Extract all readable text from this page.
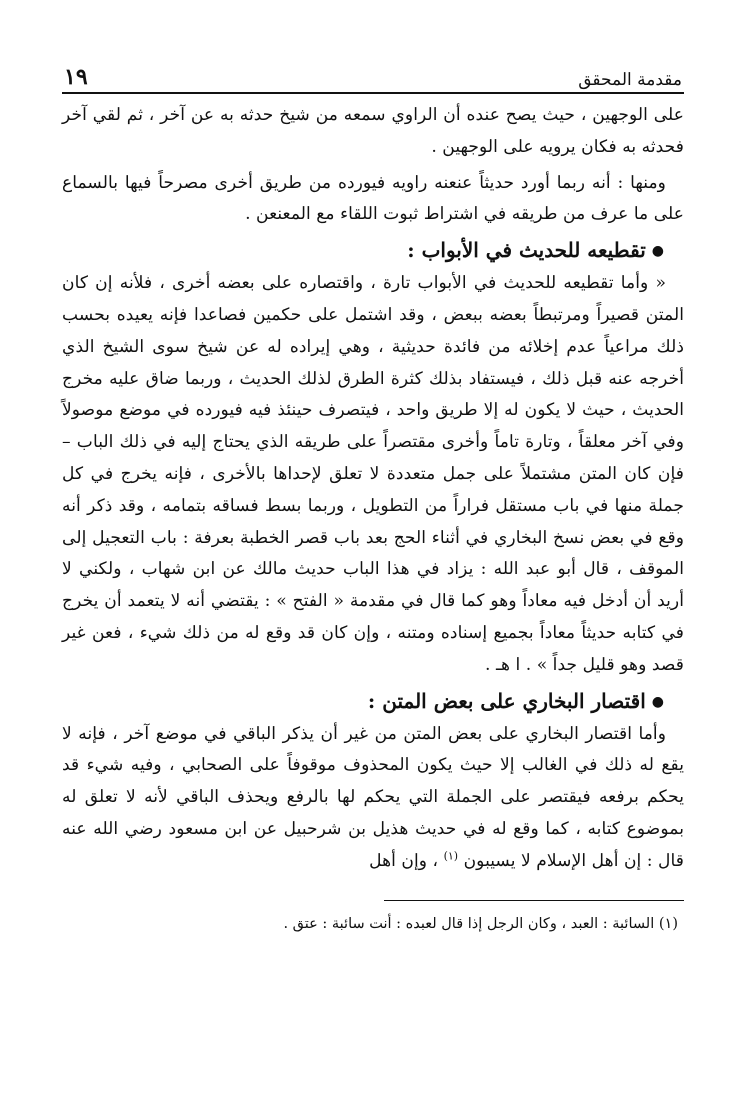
مقدمة المحقق
١٩

على الوجهين ، حيث يصح عنده أن الراوي سمعه من شيخ حدثه به عن آخر ، ثم لقي آخر فحدثه به فكان يرويه على الوجهين .

ومنها : أنه ربما أورد حديثاً عنعنه راويه فيورده من طريق أخرى مصرحاً فيها بالسماع على ما عرف من طريقه في اشتراط ثبوت اللقاء مع المعنعن .

●تقطيعه للحديث في الأبواب :

« وأما تقطيعه للحديث في الأبواب تارة ، واقتصاره على بعضه أخرى ، فلأنه إن كان المتن قصيراً ومرتبطاً بعضه ببعض ، وقد اشتمل على حكمين فصاعدا فإنه يعيده بحسب ذلك مراعياً عدم إخلائه من فائدة حديثية ، وهي إيراده له عن شيخ سوى الشيخ الذي أخرجه عنه قبل ذلك ، فيستفاد بذلك كثرة الطرق لذلك الحديث ، وربما ضاق عليه مخرج الحديث ، حيث لا يكون له إلا طريق واحد ، فيتصرف حينئذ فيه فيورده في موضع موصولاً وفي آخر معلقاً ، وتارة تاماً وأخرى مقتصراً على طريقه الذي يحتاج إليه في ذلك الباب – فإن كان المتن مشتملاً على جمل متعددة لا تعلق لإحداها بالأخرى ، فإنه يخرج في كل جملة منها في باب مستقل فراراً من التطويل ، وربما بسط فساقه بتمامه ، وقد ذكر أنه وقع في بعض نسخ البخاري في أثناء الحج بعد باب قصر الخطبة بعرفة : باب التعجيل إلى الموقف ، قال أبو عبد الله : يزاد في هذا الباب حديث مالك عن ابن شهاب ، ولكني لا أريد أن أدخل فيه معاداً وهو كما قال في مقدمة « الفتح » : يقتضي أنه لا يتعمد أن يخرج في كتابه حديثاً معاداً بجميع إسناده ومتنه ، وإن كان قد وقع له من ذلك شيء ، فعن غير قصد وهو قليل جداً » . ا هـ .

●اقتصار البخاري على بعض المتن :

وأما اقتصار البخاري على بعض المتن من غير أن يذكر الباقي في موضع آخر ، فإنه لا يقع له ذلك في الغالب إلا حيث يكون المحذوف موقوفاً على الصحابي ، وفيه شيء قد يحكم برفعه فيقتصر على الجملة التي يحكم لها بالرفع ويحذف الباقي لأنه لا تعلق له بموضوع كتابه ، كما وقع له في حديث هذيل بن شرحبيل عن ابن مسعود رضي الله عنه قال : إن أهل الإسلام لا يسيبون $^{(١)}$ ، وإن أهل

(١) السائبة : العبد ، وكان الرجل إذا قال لعبده : أنت سائبة : عتق .
